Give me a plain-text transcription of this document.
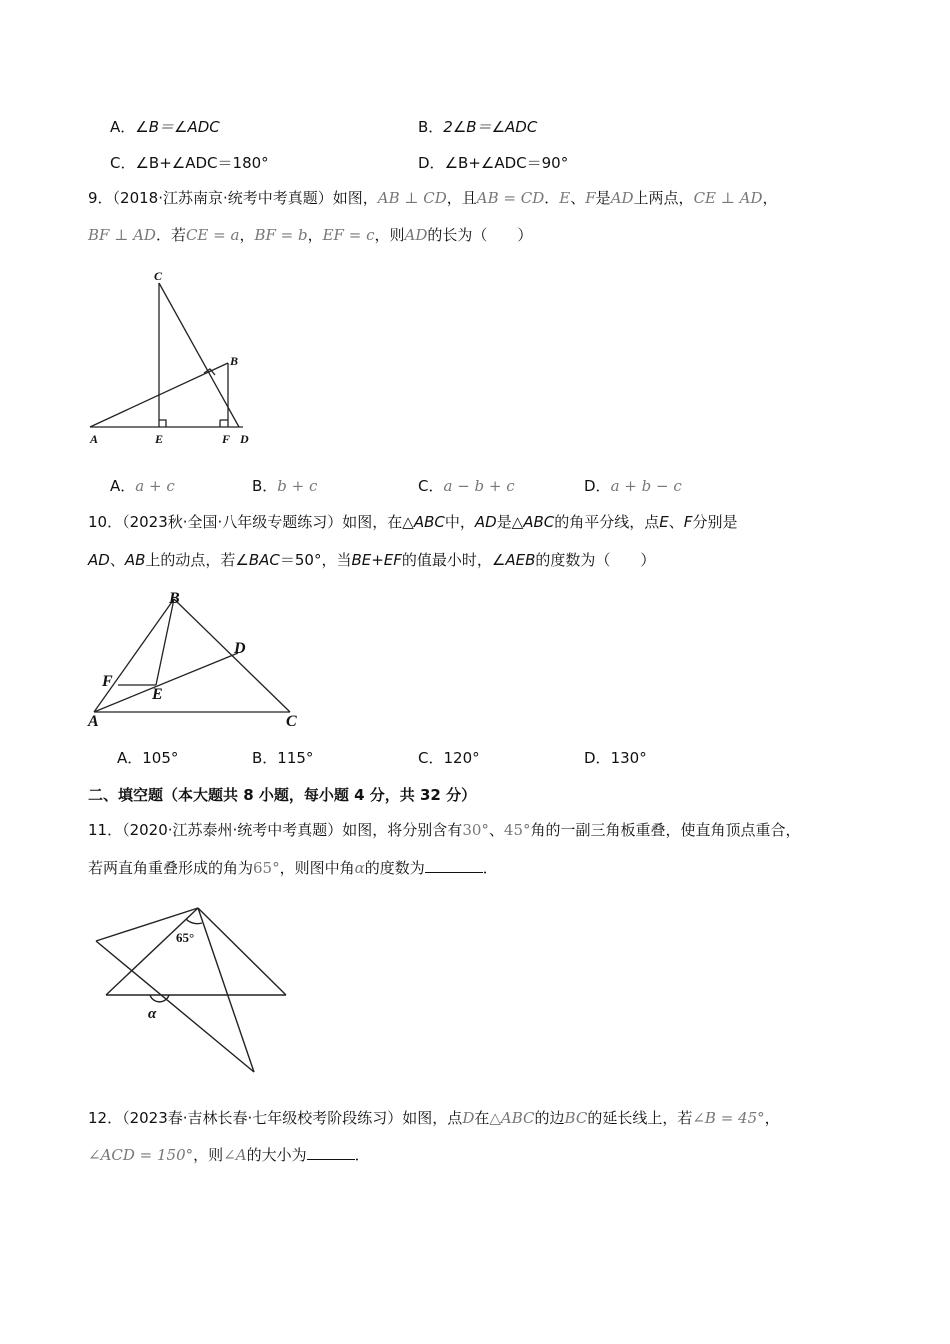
A．∠B＝∠ADC	B．2∠B＝∠ADC
C．∠B+∠ADC＝180°	D．∠B+∠ADC＝90°
9．（2018·江苏南京·统考中考真题）如图，AB ⊥ CD，且AB = CD．E、F是AD上两点，CE ⊥ AD，
BF ⊥ AD．若CE = a，BF = b，EF = c，则AD的长为（　　）
C
B
A	E	F D
A．a + c	B．b + c	C．a − b + c	D．a + b − c
10．（2023秋·全国·八年级专题练习）如图，在△ABC中，AD是△ABC的角平分线，点E、F分别是
AD、AB上的动点，若∠BAC＝50°，当BE+EF的值最小时，∠AEB的度数为（　　）
B
D
F
E
A	C
A．105°	B．115°	C．120°	D．130°
二、填空题（本大题共 8 小题，每小题 4 分，共 32 分）
11．（2020·江苏泰州·统考中考真题）如图，将分别含有30°、45°角的一副三角板重叠，使直角顶点重合，
若两直角重叠形成的角为65°，则图中角α的度数为	．
65°
α
12．（2023春·吉林长春·七年级校考阶段练习）如图，点D在△ABC的边BC的延长线上，若∠B = 45°，
∠ACD = 150°，则∠A的大小为	．
